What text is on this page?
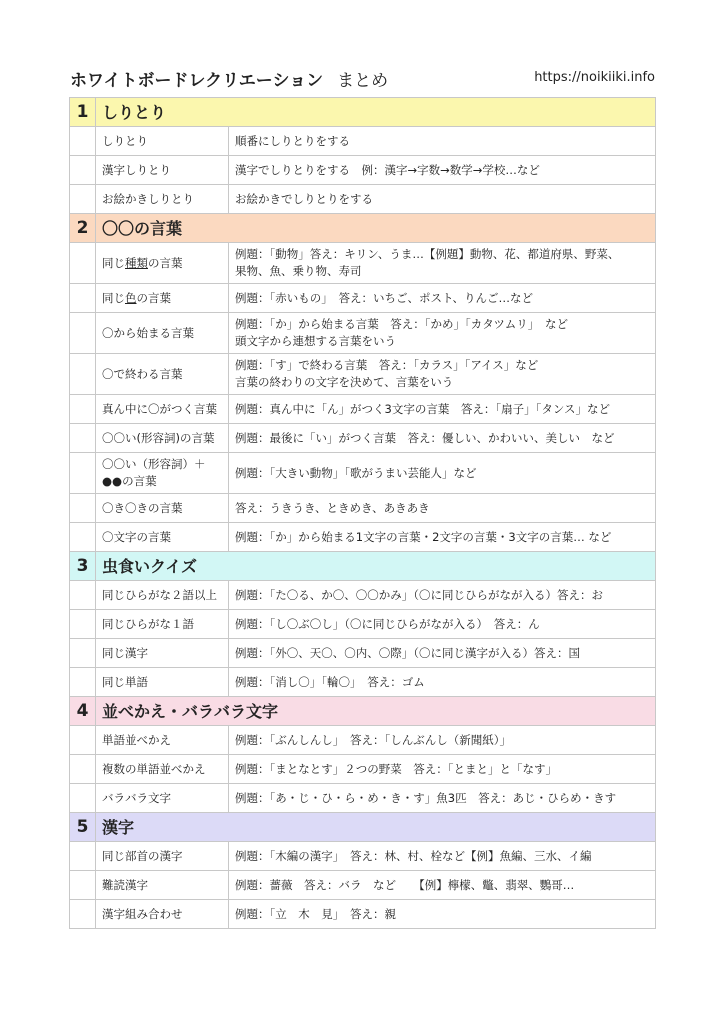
ホワイトボードレクリエーション まとめ	https://noikiiki.info
1	しりとり	
	しりとり	順番にしりとりをする

	漢字しりとり	漢字でしりとりをする　例：漢字→字数→数学→学校…など

	お絵かきしりとり	お絵かきでしりとりをする

2	〇〇の言葉	
	同じ種類の言葉	例題：「動物」答え：キリン、うま…【例題】動物、花、都道府県、野菜、
果物、魚、乗り物、寿司

	同じ色の言葉	例題：「赤いもの」　答え：いちご、ポスト、りんご…など

	〇から始まる言葉	例題：「か」から始まる言葉　答え：「かめ」「カタツムリ」　など
頭文字から連想する言葉をいう

	〇で終わる言葉	例題：「す」で終わる言葉　答え：「カラス」「アイス」など
言葉の終わりの文字を決めて、言葉をいう

	真ん中に〇がつく言葉	例題：真ん中に「ん」がつく3文字の言葉　答え：「扇子」「タンス」など

	〇〇い(形容詞)の言葉	例題：最後に「い」がつく言葉　答え：優しい、かわいい、美しい　など

	〇〇い（形容詞）＋
●●の言葉	例題：「大きい動物」「歌がうまい芸能人」など

	〇き〇きの言葉	答え：うきうき、ときめき、あきあき

	〇文字の言葉	例題：「か」から始まる1文字の言葉・2文字の言葉・3文字の言葉… など

3	虫食いクイズ	
	同じひらがな２語以上	例題：「た〇る、か〇、〇〇かみ」（〇に同じひらがなが入る）答え：お

	同じひらがな１語	例題：「し〇ぶ〇し」（〇に同じひらがなが入る）　答え：ん

	同じ漢字	例題：「外〇、天〇、〇内、〇際」（〇に同じ漢字が入る）答え：国

	同じ単語	例題：「消し〇」「輪〇」　答え：ゴム

4	並べかえ・バラバラ文字	
	単語並べかえ	例題：「ぶんしんし」　答え：「しんぶんし（新聞紙）」

	複数の単語並べかえ	例題：「まとなとす」２つの野菜　答え：「とまと」と「なす」

	バラバラ文字	例題：「あ・じ・ひ・ら・め・き・す」魚3匹　答え：あじ・ひらめ・きす

5	漢字	
	同じ部首の漢字	例題：「木編の漢字」　答え：林、村、栓など【例】魚編、三水、イ編

	難読漢字	例題：薔薇　答え：バラ　など　　【例】檸檬、鼈、翡翠、鸚哥…

	漢字組み合わせ	例題：「立　木　見」　答え：親
